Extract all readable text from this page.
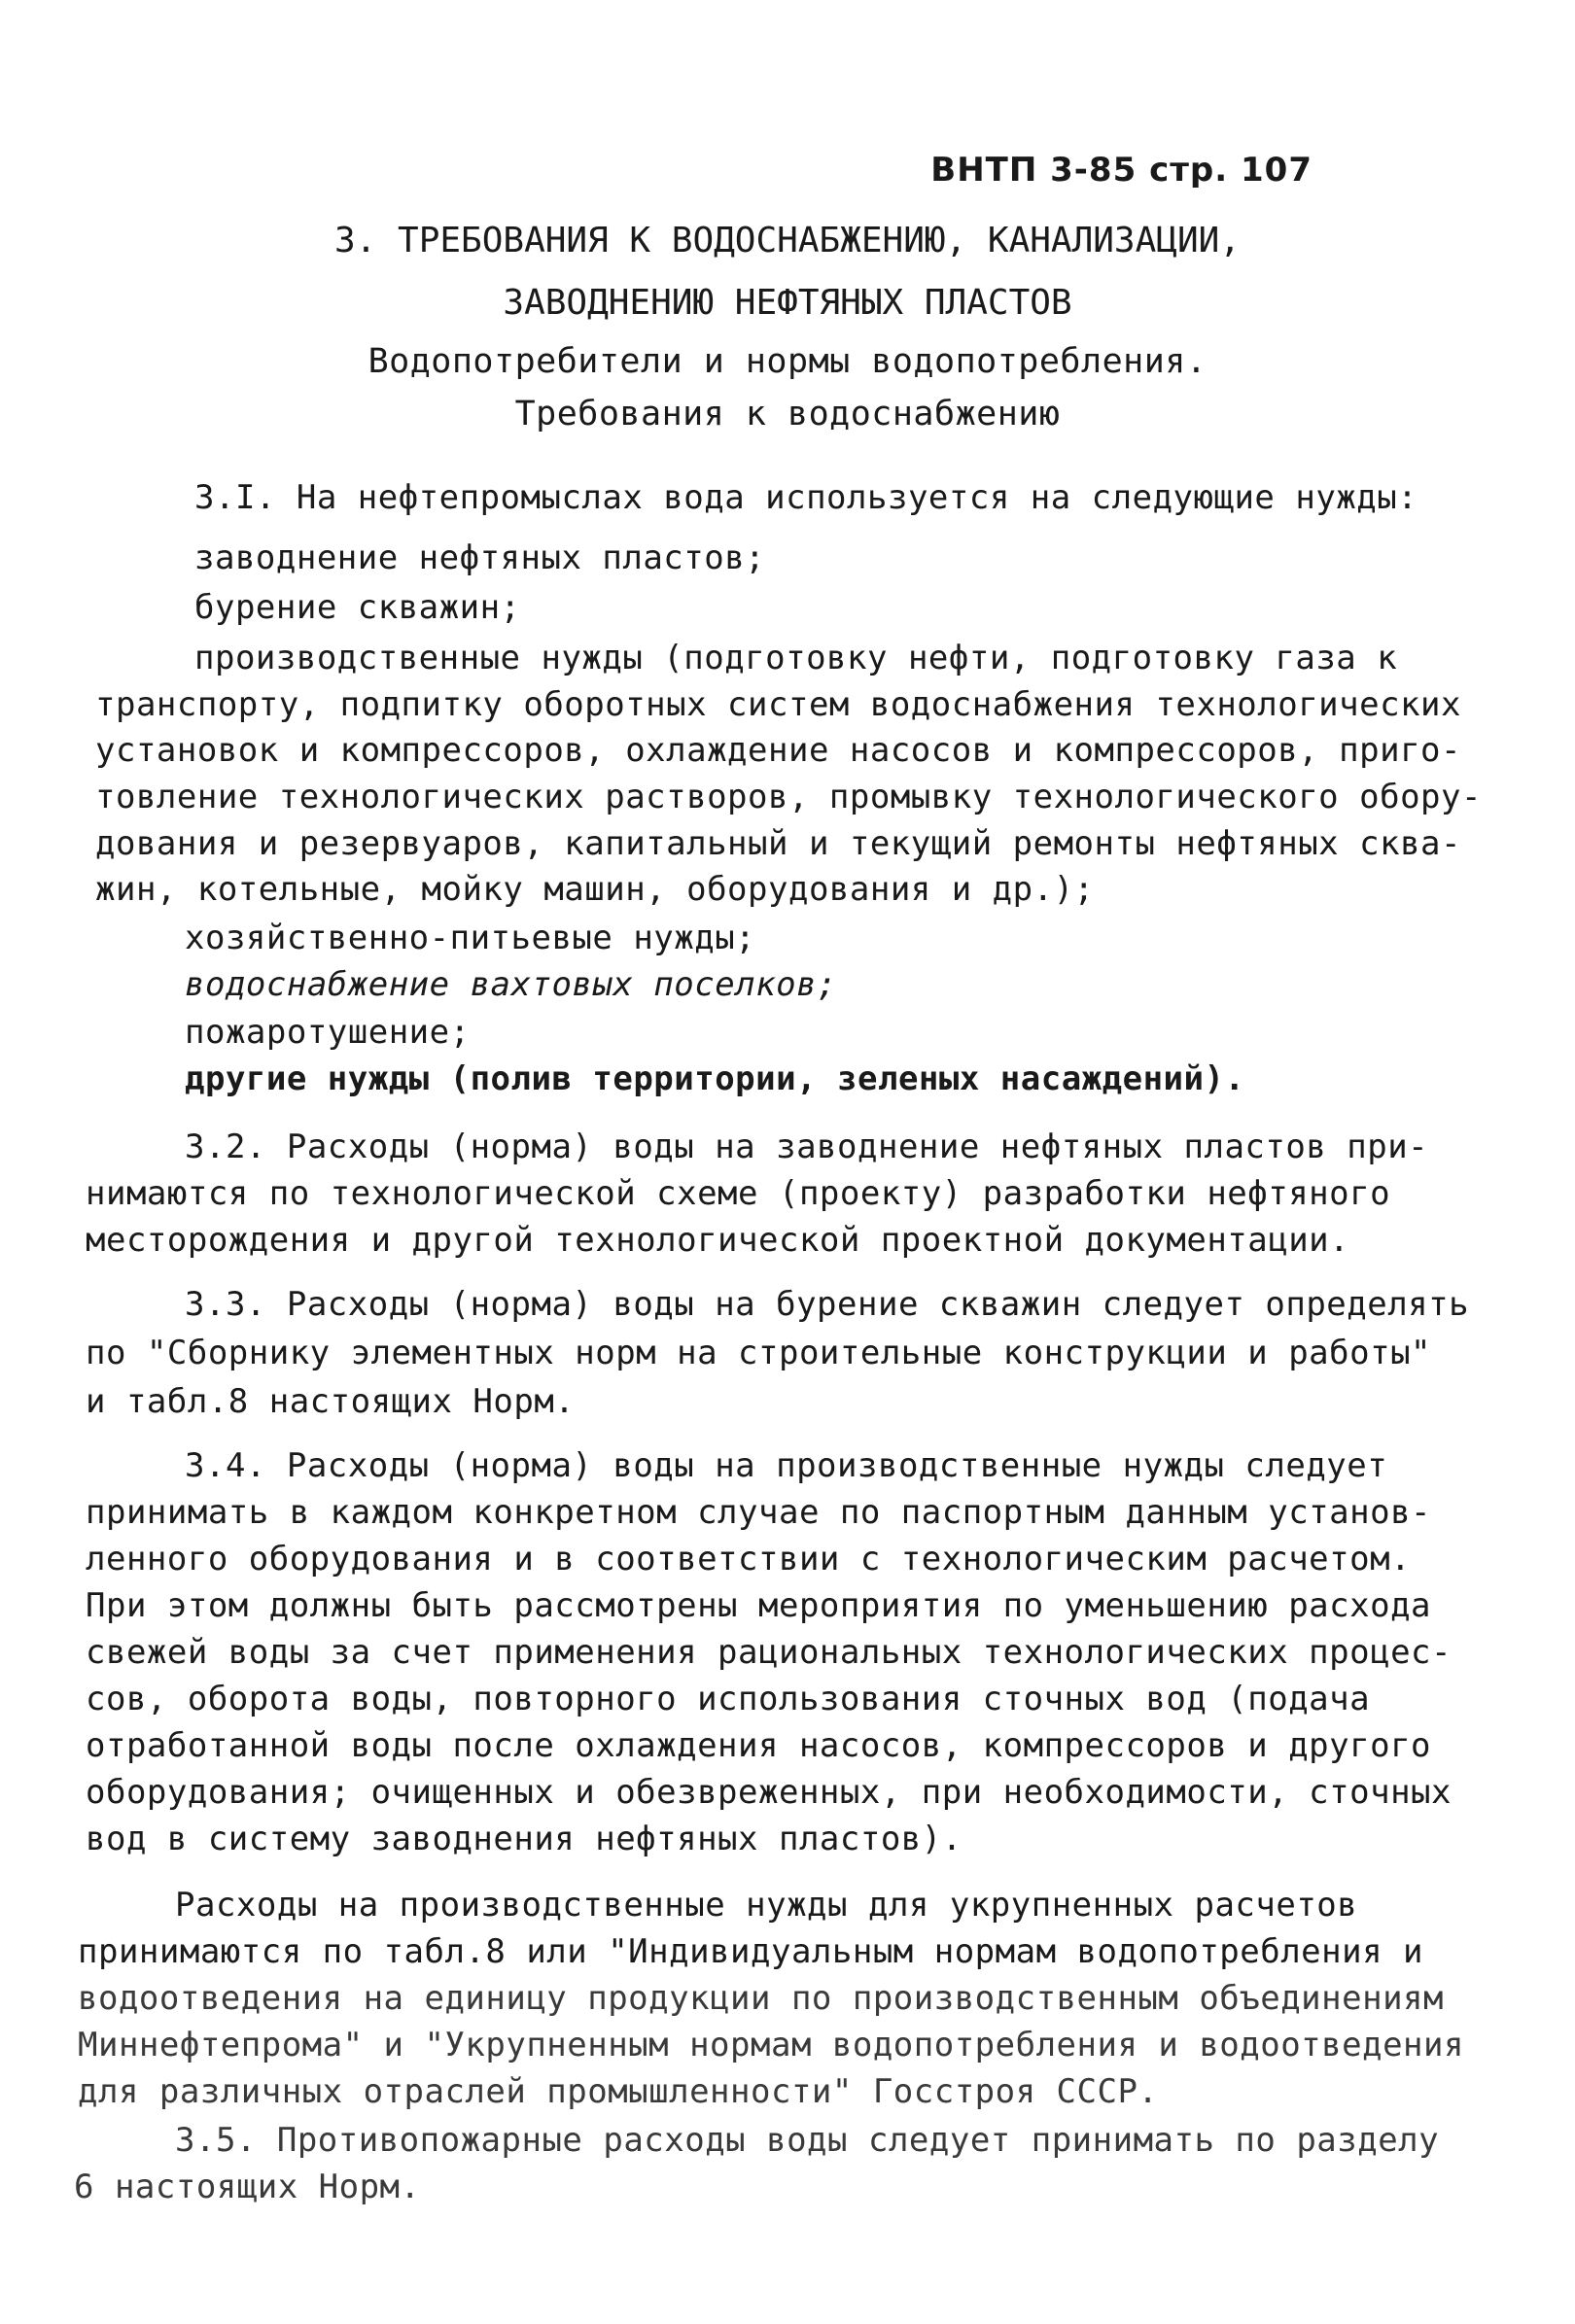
ВНТП 3-85 стр. 107
3. ТРЕБОВАНИЯ К ВОДОСНАБЖЕНИЮ, КАНАЛИЗАЦИИ,
ЗАВОДНЕНИЮ НЕФТЯНЫХ ПЛАСТОВ
Водопотребители и нормы водопотребления.
Требования к водоснабжению
3.I. На нефтепромыслах вода используется на следующие нужды:
заводнение нефтяных пластов;
бурение скважин;
производственные нужды (подготовку нефти, подготовку газа к
транспорту, подпитку оборотных систем водоснабжения технологических
установок и компрессоров, охлаждение насосов и компрессоров, приго-
товление технологических растворов, промывку технологического обору-
дования и резервуаров, капитальный и текущий ремонты нефтяных сква-
жин, котельные, мойку машин, оборудования и др.);
хозяйственно-питьевые нужды;
водоснабжение вахтовых поселков;
пожаротушение;
другие нужды (полив территории, зеленых насаждений).
3.2. Расходы (норма) воды на заводнение нефтяных пластов при-
нимаются по технологической схеме (проекту) разработки нефтяного
месторождения и другой технологической проектной документации.
3.3. Расходы (норма) воды на бурение скважин следует определять
по "Сборнику элементных норм на строительные конструкции и работы"
и табл.8 настоящих Норм.
3.4. Расходы (норма) воды на производственные нужды следует
принимать в каждом конкретном случае по паспортным данным установ-
ленного оборудования и в соответствии с технологическим расчетом.
При этом должны быть рассмотрены мероприятия по уменьшению расхода
свежей воды за счет применения рациональных технологических процес-
сов, оборота воды, повторного использования сточных вод (подача
отработанной воды после охлаждения насосов, компрессоров и другого
оборудования; очищенных и обезвреженных, при необходимости, сточных
вод в систему заводнения нефтяных пластов).
Расходы на производственные нужды для укрупненных расчетов
принимаются по табл.8 или "Индивидуальным нормам водопотребления и
водоотведения на единицу продукции по производственным объединениям
Миннефтепрома" и "Укрупненным нормам водопотребления и водоотведения
для различных отраслей промышленности" Госстроя СССР.
3.5. Противопожарные расходы воды следует принимать по разделу
6 настоящих Норм.
